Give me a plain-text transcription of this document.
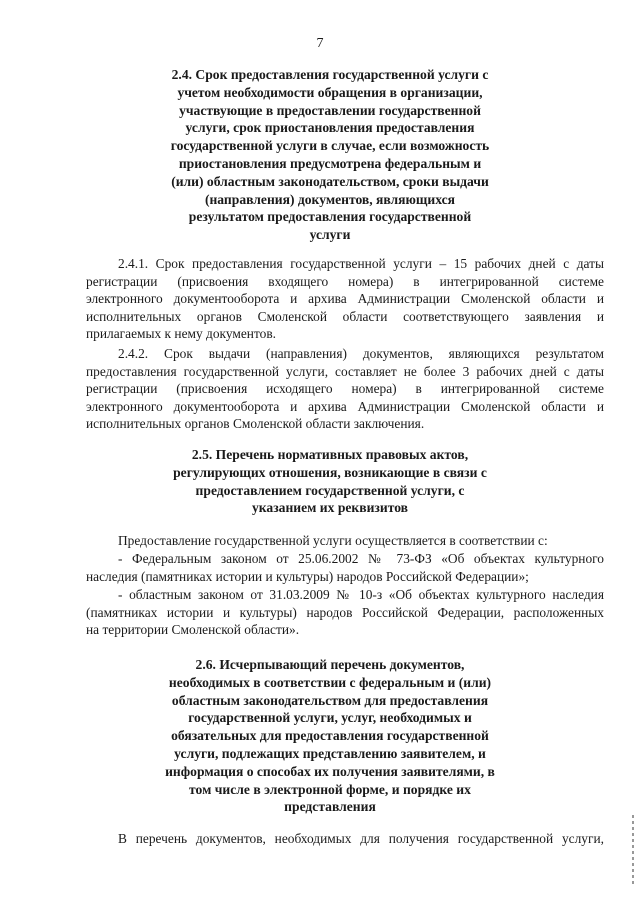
7
2.4. Срок предоставления государственной услуги с
учетом необходимости обращения в организации,
участвующие в предоставлении государственной
услуги, срок приостановления предоставления
государственной услуги в случае, если возможность
приостановления предусмотрена федеральным и
(или) областным законодательством, сроки выдачи
(направления) документов, являющихся
результатом предоставления государственной
услуги
2.4.1. Срок предоставления государственной услуги – 15 рабочих дней с даты
регистрации (присвоения входящего номера) в интегрированной системе
электронного документооборота и архива Администрации Смоленской области и
исполнительных органов Смоленской области соответствующего заявления и
прилагаемых к нему документов.
2.4.2. Срок выдачи (направления) документов, являющихся результатом
предоставления государственной услуги, составляет не более 3 рабочих дней с даты
регистрации (присвоения исходящего номера) в интегрированной системе
электронного документооборота и архива Администрации Смоленской области и
исполнительных органов Смоленской области заключения.
2.5. Перечень нормативных правовых актов,
регулирующих отношения, возникающие в связи с
предоставлением государственной услуги, с
указанием их реквизитов
Предоставление государственной услуги осуществляется в соответствии с:
- Федеральным законом от 25.06.2002 № 73-ФЗ «Об объектах культурного
наследия (памятниках истории и культуры) народов Российской Федерации»;
- областным законом от 31.03.2009 № 10-з «Об объектах культурного наследия
(памятниках истории и культуры) народов Российской Федерации, расположенных
на территории Смоленской области».
2.6. Исчерпывающий перечень документов,
необходимых в соответствии с федеральным и (или)
областным законодательством для предоставления
государственной услуги, услуг, необходимых и
обязательных для предоставления государственной
услуги, подлежащих представлению заявителем, и
информация о способах их получения заявителями, в
том числе в электронной форме, и порядке их
представления
В перечень документов, необходимых для получения государственной услуги,
